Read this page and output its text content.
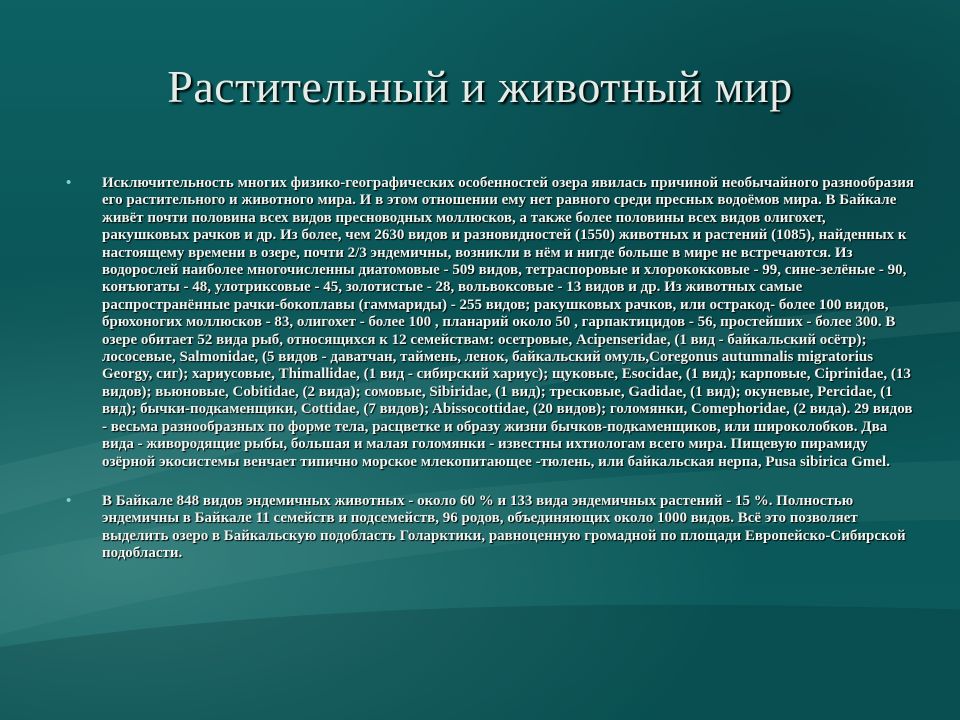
Растительный и животный мир
• Исключительность многих физико-географических особенностей озера явилась причиной необычайного разнообразия его растительного и животного мира. И в этом отношении ему нет равного среди пресных водоёмов мира. В Байкале живёт почти половина всех видов пресноводных моллюсков, а также более половины всех видов олигохет, ракушковых рачков и др. Из более, чем 2630 видов и разновидностей (1550) животных и растений (1085), найденных к настоящему времени в озере, почти 2/3 эндемичны, возникли в нём и нигде больше в мире не встречаются. Из водорослей наиболее многочисленны диатомовые - 509 видов, тетраспоровые и хлорококковые - 99, сине-зелёные - 90, конъюгаты - 48, улотриксовые - 45, золотистые - 28, вольвоксовые - 13 видов и др. Из животных самые распространённые рачки-бокоплавы (гаммариды) - 255 видов; ракушковых рачков, или остракод- более 100 видов, брюхоногих моллюсков - 83, олигохет - более 100 , планарий около 50 , гарпактицидов - 56, простейших - более 300. В озере обитает 52 вида рыб, относящихся к 12 семействам: осетровые, Acipenseridae, (1 вид - байкальский осётр); лососевые, Salmonidae, (5 видов - даватчан, таймень, ленок, байкальский омуль,Coregonus autumnalis migratorius Georgy, сиг); хариусовые, Thimallidae, (1 вид - сибирский хариус); щуковые, Esocidae, (1 вид); карповые, Ciprinidae, (13 видов); вьюновые, Cobitidae, (2 вида); сомовые, Sibiridae, (1 вид); тресковые, Gadidae, (1 вид); окуневые, Percidae, (1 вид); бычки-подкаменщики, Cottidae, (7 видов); Abissocottidae, (20 видов); голомянки, Comephoridae, (2 вида). 29 видов - весьма разнообразных по форме тела, расцветке и образу жизни бычков-подкаменщиков, или широколобков. Два вида - живородящие рыбы, большая и малая голомянки - известны ихтиологам всего мира. Пищевую пирамиду озёрной экосистемы венчает типично морское млекопитающее -тюлень, или байкальская нерпа, Pusa sibirica Gmel.
• В Байкале 848 видов эндемичных животных - около 60 % и 133 вида эндемичных растений - 15 %. Полностью эндемичны в Байкале 11 семейств и подсемейств, 96 родов, объединяющих около 1000 видов. Всё это позволяет выделить озеро в Байкальскую подобласть Голарктики, равноценную громадной по площади Европейско-Сибирской подобласти.
